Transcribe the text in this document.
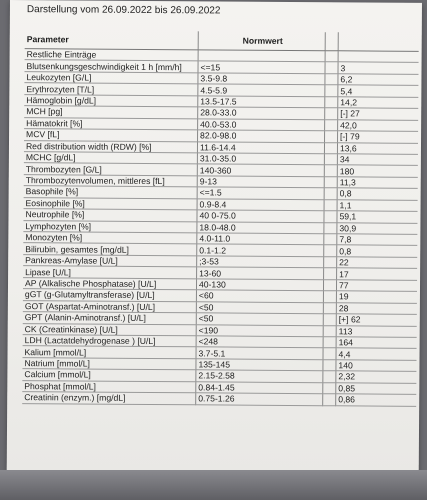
Darstellung vom 26.09.2022 bis 26.09.2022
Parameter	Normwert		
Restliche Einträge			
Blutsenkungsgeschwindigkeit 1 h [mm/h]	<=15		3
Leukozyten [G/L]	3.5-9.8		6,2
Erythrozyten [T/L]	4.5-5.9		5,4
Hämoglobin [g/dL]	13.5-17.5		14,2
MCH [pg]	28.0-33.0		[-] 27
Hämatokrit [%]	40.0-53.0		42,0
MCV [fL]	82.0-98.0		[-] 79
Red distribution width (RDW) [%]	11.6-14.4		13,6
MCHC [g/dL]	31.0-35.0		34
Thrombozyten [G/L]	140-360		180
Thrombozytenvolumen, mittleres [fL]	9-13		11,3
Basophile [%]	<=1.5		0,8
Eosinophile [%]	0.9-8.4		1,1
Neutrophile [%]	40 0-75.0		59,1
Lymphozyten [%]	18.0-48.0		30,9
Monozyten [%]	4.0-11.0		7,8
Bilirubin, gesamtes [mg/dL]	0.1-1.2		0,8
Pankreas-Amylase [U/L]	;3-53		22
Lipase [U/L]	13-60		17
AP (Alkalische Phosphatase) [U/L]	40-130		77
gGT (g-Glutamyltransferase) [U/L]	<60		19
GOT (Aspartat-Aminotransf.) [U/L]	<50		28
GPT (Alanin-Aminotransf.) [U/L]	<50		[+] 62
CK (Creatinkinase) [U/L]	<190		113
LDH (Lactatdehydrogenase ) [U/L]	<248		164
Kalium [mmol/L]	3.7-5.1		4,4
Natrium [mmol/L]	135-145		140
Calcium [mmol/L]	2.15-2.58		2,32
Phosphat [mmol/L]	0.84-1.45		0,85
Creatinin (enzym.) [mg/dL]	0.75-1.26		0,86
